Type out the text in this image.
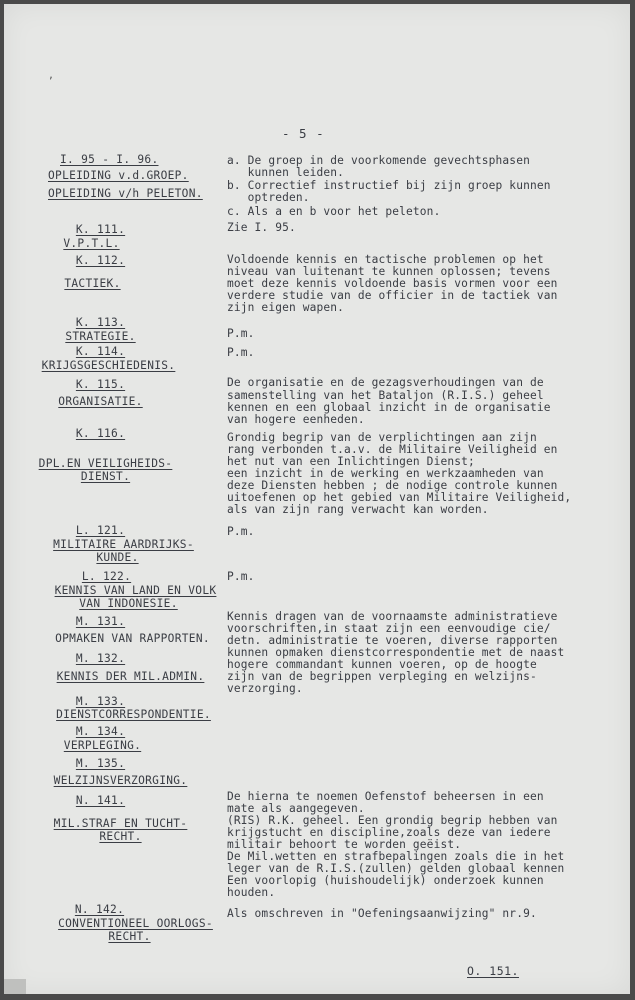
,
- 5 -
I. 95 - I. 96.
OPLEIDING v.d.GROEP.
OPLEIDING v/h PELETON.
K. 111.
V.P.T.L.
K. 112.
TACTIEK.
K. 113.
STRATEGIE.
K. 114.
KRIJGSGESCHIEDENIS.
K. 115.
ORGANISATIE.
K. 116.
DPL.EN VEILIGHEIDS-
DIENST.
L. 121.
MILITAIRE AARDRIJKS-
KUNDE.
L. 122.
KENNIS VAN LAND EN VOLK
VAN INDONESIE.
M. 131.
OPMAKEN VAN RAPPORTEN.
M. 132.
KENNIS DER MIL.ADMIN.
M. 133.
DIENSTCORRESPONDENTIE.
M. 134.
VERPLEGING.
M. 135.
WELZIJNSVERZORGING.
N. 141.
MIL.STRAF EN TUCHT-
RECHT.
N. 142.
CONVENTIONEEL OORLOGS-
RECHT.
a. De groep in de voorkomende gevechtsphasen
kunnen leiden.
b. Correctief instructief bij zijn groep kunnen
optreden.
c. Als a en b voor het peleton.
Zie I. 95.
Voldoende kennis en tactische problemen op het
niveau van luitenant te kunnen oplossen; tevens
moet deze kennis voldoende basis vormen voor een
verdere studie van de officier in de tactiek van
zijn eigen wapen.
P.m.
P.m.
De organisatie en de gezagsverhoudingen van de
samenstelling van het Bataljon (R.I.S.) geheel
kennen en een globaal inzicht in de organisatie
van hogere eenheden.
Grondig begrip van de verplichtingen aan zijn
rang verbonden t.a.v. de Militaire Veiligheid en
het nut van een Inlichtingen Dienst;
een inzicht in de werking en werkzaamheden van
deze Diensten hebben ; de nodige controle kunnen
uitoefenen op het gebied van Militaire Veiligheid,
als van zijn rang verwacht kan worden.
P.m.
P.m.
Kennis dragen van de voornaamste administratieve
voorschriften,in staat zijn een eenvoudige cie/
detn. administratie te voeren, diverse rapporten
kunnen opmaken dienstcorrespondentie met de naast
hogere commandant kunnen voeren, op de hoogte
zijn van de begrippen verpleging en welzijns-
verzorging.
De hierna te noemen Oefenstof beheersen in een
mate als aangegeven.
(RIS) R.K. geheel. Een grondig begrip hebben van
krijgstucht en discipline,zoals deze van iedere
militair behoort te worden geëist.
De Mil.wetten en strafbepalingen zoals die in het
leger van de R.I.S.(zullen) gelden globaal kennen
Een voorlopig (huishoudelijk) onderzoek kunnen
houden.
Als omschreven in "Oefeningsaanwijzing" nr.9.
O. 151.
